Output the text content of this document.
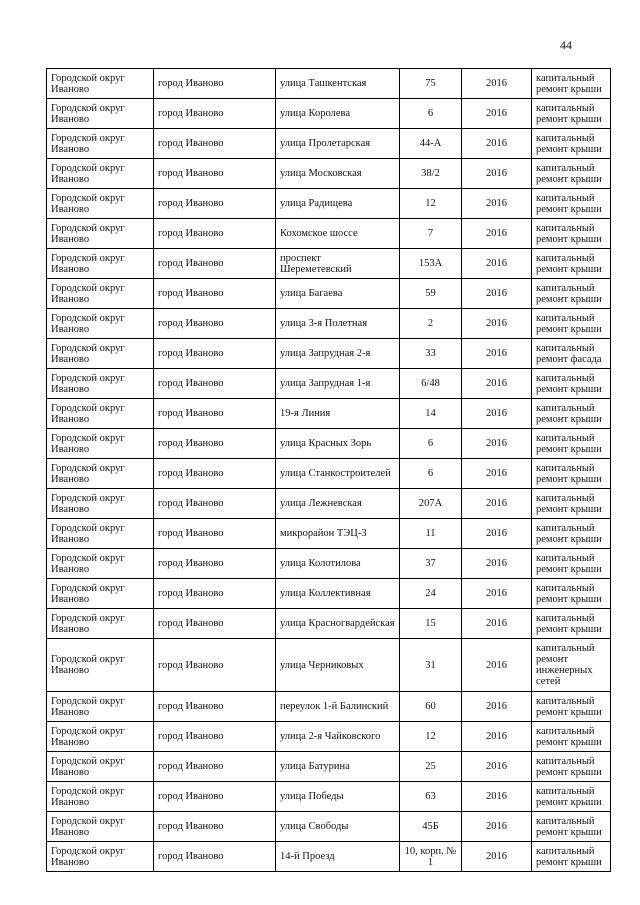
44
Городской округ Иваново	город Иваново	улица Ташкентская	75	2016	капитальный ремонт крыши
Городской округ Иваново	город Иваново	улица Королева	6	2016	капитальный ремонт крыши
Городской округ Иваново	город Иваново	улица Пролетарская	44-А	2016	капитальный ремонт крыши
Городской округ Иваново	город Иваново	улица Московская	38/2	2016	капитальный ремонт крыши
Городской округ Иваново	город Иваново	улица Радищева	12	2016	капитальный ремонт крыши
Городской округ Иваново	город Иваново	Кохомское шоссе	7	2016	капитальный ремонт крыши
Городской округ Иваново	город Иваново	проспект Шереметевский	153А	2016	капитальный ремонт крыши
Городской округ Иваново	город Иваново	улица Багаева	59	2016	капитальный ремонт крыши
Городской округ Иваново	город Иваново	улица 3-я Полетная	2	2016	капитальный ремонт крыши
Городской округ Иваново	город Иваново	улица Запрудная 2-я	33	2016	капитальный ремонт фасада
Городской округ Иваново	город Иваново	улица Запрудная 1-я	6/48	2016	капитальный ремонт крыши
Городской округ Иваново	город Иваново	19-я Линия	14	2016	капитальный ремонт крыши
Городской округ Иваново	город Иваново	улица Красных Зорь	6	2016	капитальный ремонт крыши
Городской округ Иваново	город Иваново	улица Станкостроителей	6	2016	капитальный ремонт крыши
Городской округ Иваново	город Иваново	улица Лежневская	207А	2016	капитальный ремонт крыши
Городской округ Иваново	город Иваново	микрорайон ТЭЦ-3	11	2016	капитальный ремонт крыши
Городской округ Иваново	город Иваново	улица Колотилова	37	2016	капитальный ремонт крыши
Городской округ Иваново	город Иваново	улица Коллективная	24	2016	капитальный ремонт крыши
Городской округ Иваново	город Иваново	улица Красногвардейская	15	2016	капитальный ремонт крыши
Городской округ Иваново	город Иваново	улица Черниковых	31	2016	капитальный ремонт инженерных сетей
Городской округ Иваново	город Иваново	переулок 1-й Балинский	60	2016	капитальный ремонт крыши
Городской округ Иваново	город Иваново	улица 2-я Чайковского	12	2016	капитальный ремонт крыши
Городской округ Иваново	город Иваново	улица Батурина	25	2016	капитальный ремонт крыши
Городской округ Иваново	город Иваново	улица Победы	63	2016	капитальный ремонт крыши
Городской округ Иваново	город Иваново	улица Свободы	45Б	2016	капитальный ремонт крыши
Городской округ Иваново	город Иваново	14-й Проезд	10, корп. № 1	2016	капитальный ремонт крыши
